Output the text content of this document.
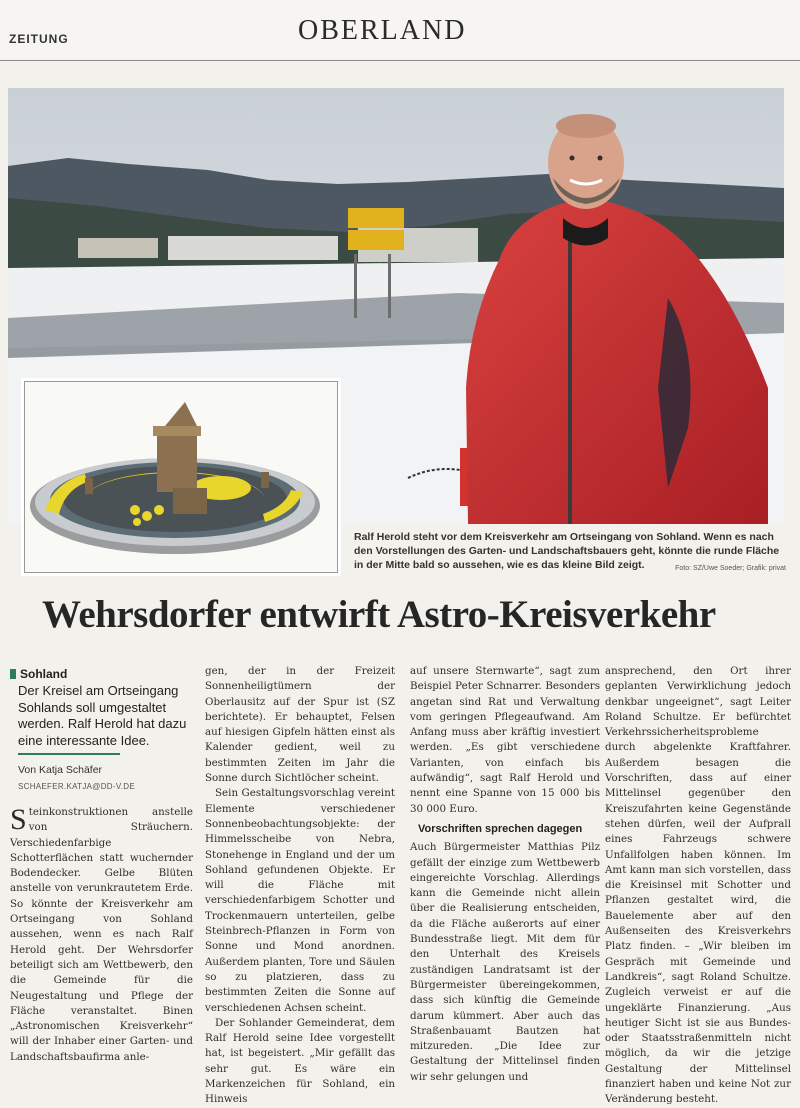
ZEITUNG	OBERLAND
Ralf Herold steht vor dem Kreisverkehr am Ortseingang von Sohland. Wenn es nach den Vorstellungen des Garten- und Landschaftsbauers geht, könnte die runde Fläche in der Mitte bald so aussehen, wie es das kleine Bild zeigt.	Foto: SZ/Uwe Soeder; Grafik: privat
Wehrsdorfer entwirft Astro-Kreisverkehr
Sohland
Der Kreisel am Ortseingang Sohlands soll umgestaltet werden. Ralf Herold hat dazu eine interessante Idee.
Von Katja Schäfer
SCHAEFER.KATJA@DD-V.DE
S teinkonstruktionen anstelle von Sträuchern. Verschiedenfarbige Schotterflächen statt wuchernder Bodendecker. Gelbe Blüten anstelle von verunkrautetem Erde. So könnte der Kreisverkehr am Ortseingang von Sohland aussehen, wenn es nach Ralf Herold geht. Der Wehrsdorfer beteiligt sich am Wettbewerb, den die Gemeinde für die Neugestaltung und Pflege der Fläche veranstaltet. Binen „Astronomischen Kreisverkehr“ will der Inhaber einer Garten- und Landschaftsbaufirma anle-

gen, der in der Freizeit Sonnenheiligtümern der Oberlausitz auf der Spur ist (SZ berichtete). Er behauptet, Felsen auf hiesigen Gipfeln hätten einst als Kalender gedient, weil zu bestimmten Zeiten im Jahr die Sonne durch Sichtlöcher scheint.

Sein Gestaltungsvorschlag vereint Elemente verschiedener Sonnenbeobachtungsobjekte: der Himmelsscheibe von Nebra, Stonehenge in England und der um Sohland gefundenen Objekte. Er will die Fläche mit verschiedenfarbigem Schotter und Trockenmauern unterteilen, gelbe Steinbrech-Pflanzen in Form von Sonne und Mond anordnen. Außerdem planten, Tore und Säulen so zu platzieren, dass zu bestimmten Zeiten die Sonne auf verschiedenen Achsen scheint.

Der Sohlander Gemeinderat, dem Ralf Herold seine Idee vorgestellt hat, ist begeistert. „Mir gefällt das sehr gut. Es wäre ein Markenzeichen für Sohland, ein Hinweis

auf unsere Sternwarte“, sagt zum Beispiel Peter Schnarrer. Besonders angetan sind Rat und Verwaltung vom geringen Pflegeaufwand. Am Anfang muss aber kräftig investiert werden. „Es gibt verschiedene Varianten, von einfach bis aufwändig“, sagt Ralf Herold und nennt eine Spanne von 15 000 bis 30 000 Euro.

Vorschriften sprechen dagegen

Auch Bürgermeister Matthias Pilz gefällt der einzige zum Wettbewerb eingereichte Vorschlag. Allerdings kann die Gemeinde nicht allein über die Realisierung entscheiden, da die Fläche außerorts auf einer Bundesstraße liegt. Mit dem für den Unterhalt des Kreisels zuständigen Landratsamt ist der Bürgermeister übereingekommen, dass sich künftig die Gemeinde darum kümmert. Aber auch das Straßenbauamt Bautzen hat mitzureden. „Die Idee zur Gestaltung der Mittelinsel finden wir sehr gelungen und

ansprechend, den Ort ihrer geplanten Verwirklichung jedoch denkbar ungeeignet“, sagt Leiter Roland Schultze. Er befürchtet Verkehrssicherheitsprobleme durch abgelenkte Kraftfahrer. Außerdem besagen die Vorschriften, dass auf einer Mittelinsel gegenüber den Kreiszufahrten keine Gegenstände stehen dürfen, weil der Aufprall eines Fahrzeugs schwere Unfallfolgen haben können. Im Amt kann man sich vorstellen, dass die Kreisinsel mit Schotter und Pflanzen gestaltet wird, die Bauelemente aber auf den Außenseiten des Kreisverkehrs Platz finden. – „Wir bleiben im Gespräch mit Gemeinde und Landkreis“, sagt Roland Schultze. Zugleich verweist er auf die ungeklärte Finanzierung. „Aus heutiger Sicht ist sie aus Bundes- oder Staatsstraßenmitteln nicht möglich, da wir die jetzige Gestaltung der Mittelinsel finanziert haben und keine Not zur Veränderung besteht.
